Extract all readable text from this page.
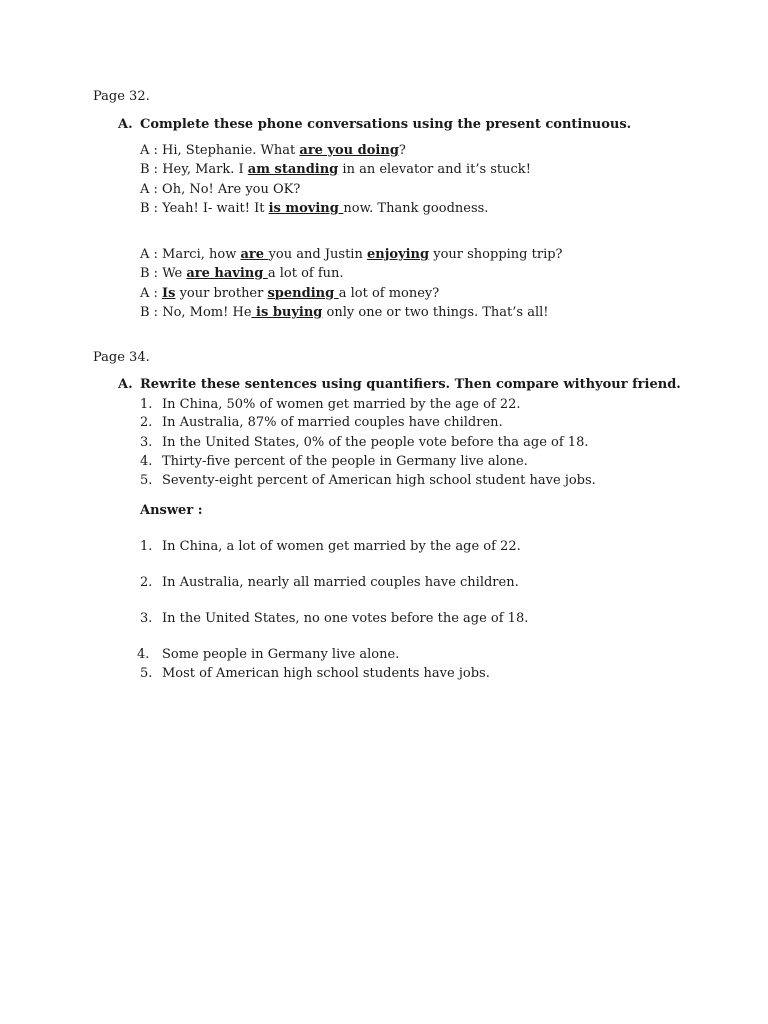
Page 32.
A. Complete these phone conversations using the present continuous.
A : Hi, Stephanie. What are you doing?
B : Hey, Mark. I am standing in an elevator and it’s stuck!
A : Oh, No! Are you OK?
B : Yeah! I- wait! It is moving now. Thank goodness.
A : Marci, how are you and Justin enjoying your shopping trip?
B : We are having a lot of fun.
A : Is your brother spending a lot of money?
B : No, Mom! He is buying only one or two things. That’s all!
Page 34.
A. Rewrite these sentences using quantifiers. Then compare withyour friend.
1. In China, 50% of women get married by the age of 22.
2. In Australia, 87% of married couples have children.
3. In the United States, 0% of the people vote before tha age of 18.
4. Thirty-five percent of the people in Germany live alone.
5. Seventy-eight percent of American high school student have jobs.
Answer :
1. In China, a lot of women get married by the age of 22.
2. In Australia, nearly all married couples have children.
3. In the United States, no one votes before the age of 18.
4. Some people in Germany live alone.
5. Most of American high school students have jobs.
